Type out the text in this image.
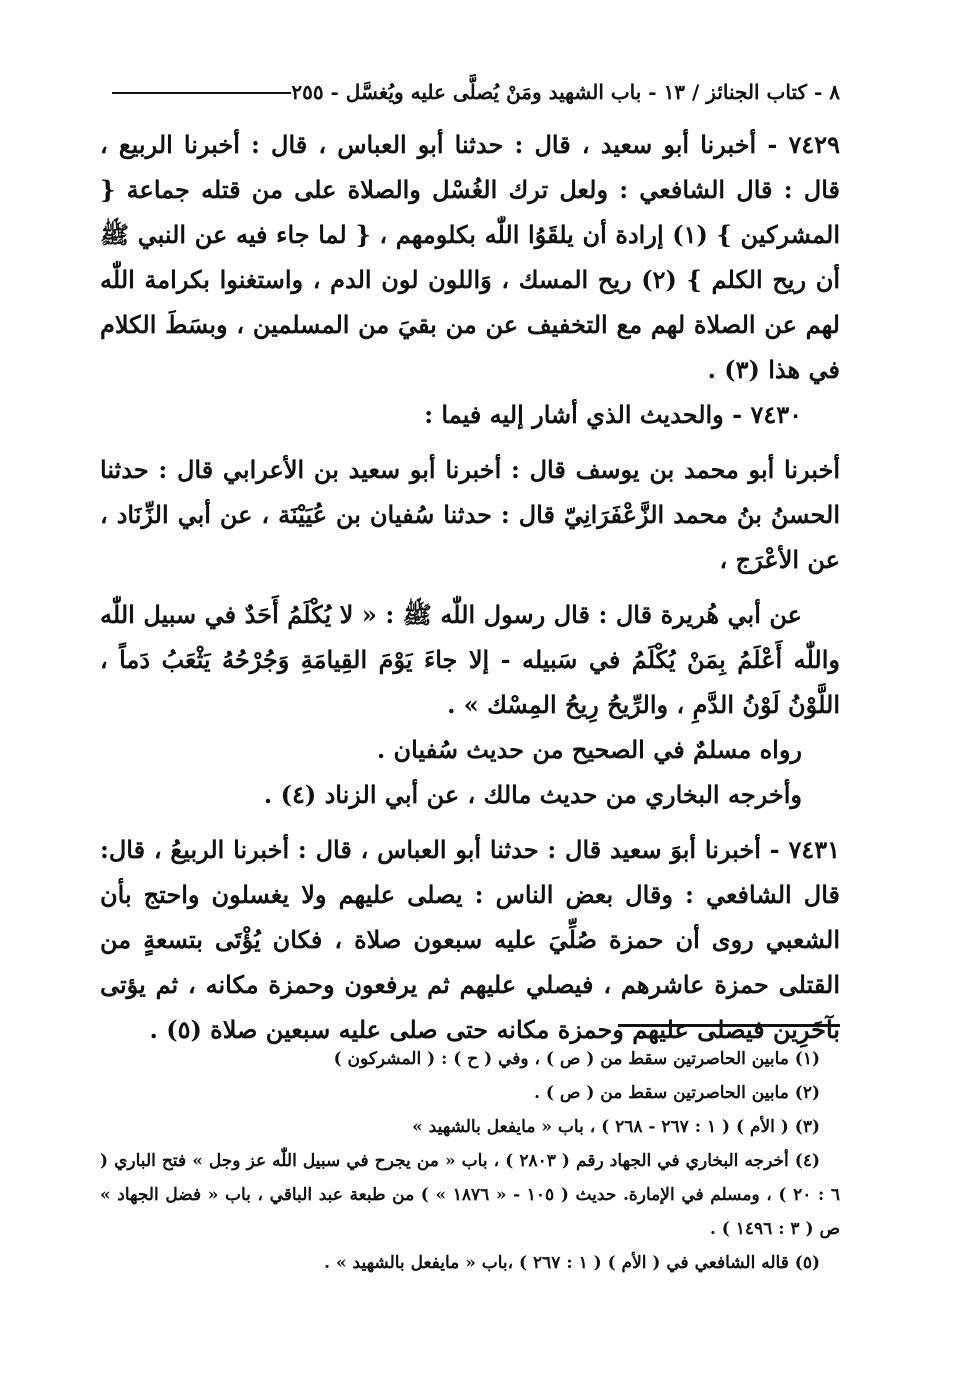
٨ - كتاب الجنائز / ١٣ - باب الشهيد ومَنْ يُصلَّى عليه ويُغسَّل - ٢٥٥

٧٤٢٩ - أخبرنا أبو سعيد ، قال : حدثنا أبو العباس ، قال : أخبرنا الربيع ، قال : قال الشافعي : ولعل ترك الغُسْل والصلاة على من قتله جماعة { المشركين } (١) إرادة أن يلقَوُا اللّٰه بكلومهم ، { لما جاء فيه عن النبي ﷺ أن ريح الكلم } (٢) ريح المسك ، وَاللون لون الدم ، واستغنوا بكرامة اللّٰه لهم عن الصلاة لهم مع التخفيف عن من بقيَ من المسلمين ، وبسَطَ الكلام في هذا (٣) .

٧٤٣٠ - والحديث الذي أشار إليه فيما :

أخبرنا أبو محمد بن يوسف قال : أخبرنا أبو سعيد بن الأعرابي قال : حدثنا الحسنُ بنُ محمد الزَّعْفَرَانِيّ قال : حدثنا سُفيان بن عُيَيْنَة ، عن أبي الزِّنَاد ، عن الأعْرَج ،

عن أبي هُريرة قال : قال رسول اللّٰه ﷺ : « لا يُكْلَمُ أَحَدٌ في سبيل اللّٰه واللّٰه أَعْلَمُ بِمَنْ يُكْلَمُ في سَبيله - إلا جاءَ يَوْمَ القِيامَةِ وَجُرْحُهُ يَثْعَبُ دَماً ، اللَّوْنُ لَوْنُ الدَّمِ ، والرِّيحُ رِيحُ المِسْك » .

رواه مسلمٌ في الصحيح من حديث سُفيان .

وأخرجه البخاري من حديث مالك ، عن أبي الزناد (٤) .

٧٤٣١ - أخبرنا أبوَ سعيد قال : حدثنا أبو العباس ، قال : أخبرنا الربيعُ ، قال: قال الشافعي : وقال بعض الناس : يصلى عليهم ولا يغسلون واحتج بأن الشعبي روى أن حمزة صُلِّيَ عليه سبعون صلاة ، فكان يُؤْتَى بتسعةٍ من القتلى حمزة عاشرهم ، فيصلي عليهم ثم يرفعون وحمزة مكانه ، ثم يؤتى بآخَرِين فيصلى عليهم وحمزة مكانه حتى صلى عليه سبعين صلاة (٥) .

(١) مابين الحاصرتين سقط من ( ص ) ، وفي ( ح ) : ( المشركون )

(٢) مابين الحاصرتين سقط من ( ص ) .

(٣) ( الأم ) ( ١ : ٢٦٧ - ٢٦٨ ) ، باب « مايفعل بالشهيد »

(٤) أخرجه البخاري في الجهاد رقم ( ٢٨٠٣ ) ، باب « من يجرح في سبيل اللّٰه عز وجل » فتح الباري ( ٦ : ٢٠ ) ، ومسلم في الإمارة. حديث ( ١٠٥ - « ١٨٧٦ » ) من طبعة عبد الباقي ، باب « فضل الجهاد » ص ( ٣ : ١٤٩٦ ) .

(٥) قاله الشافعي في ( الأم ) ( ١ : ٢٦٧ ) ،باب « مايفعل بالشهيد » .
